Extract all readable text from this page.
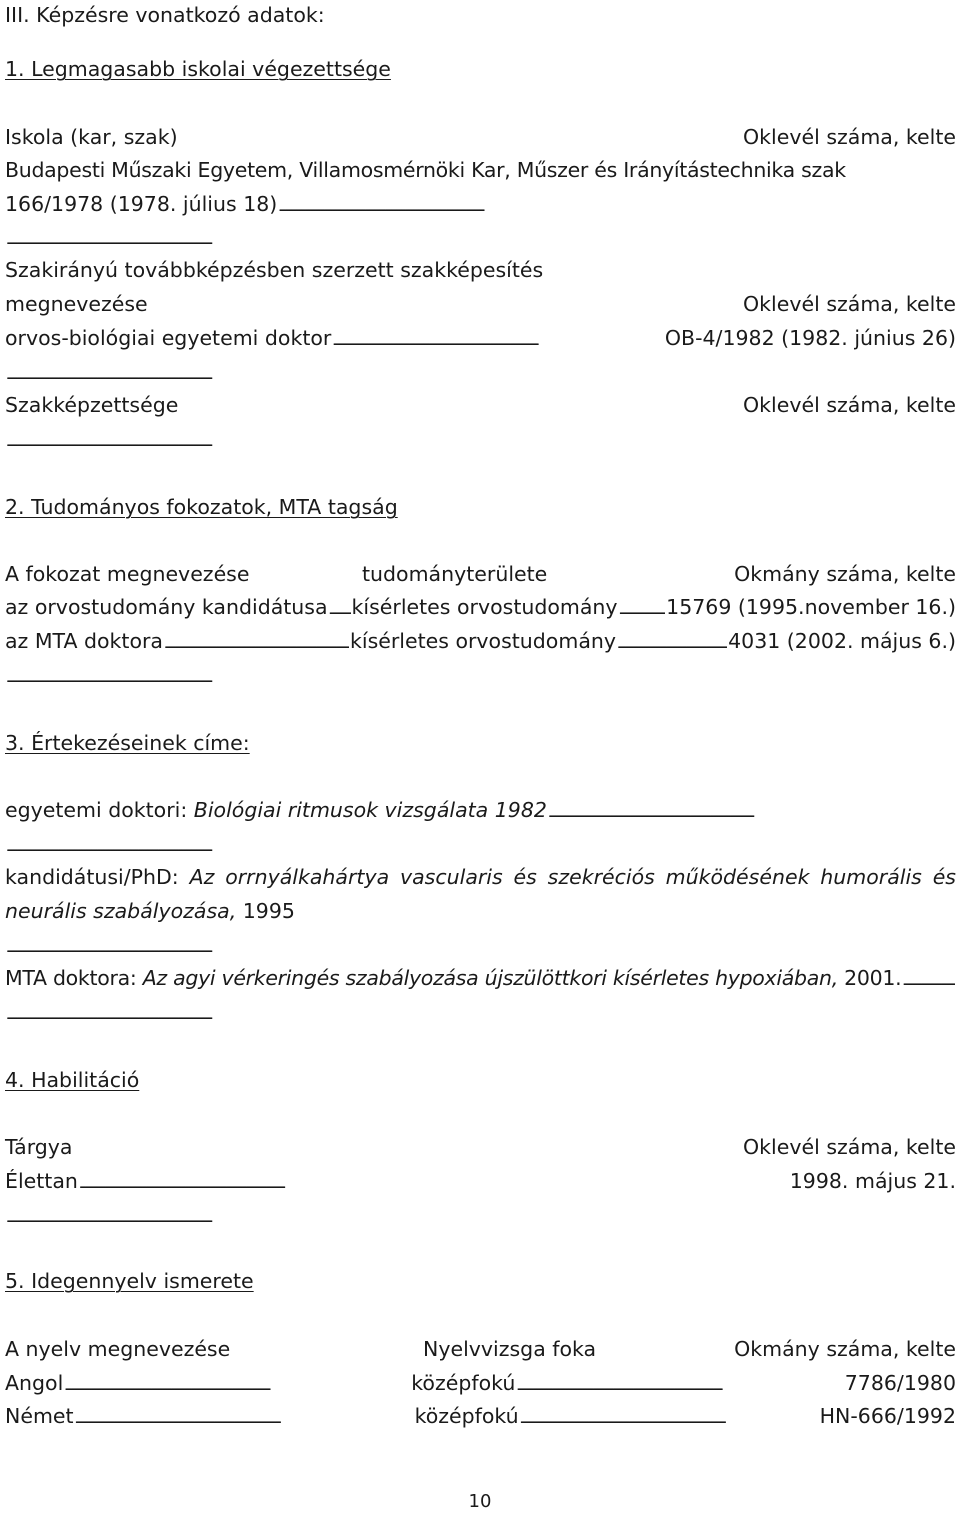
III. Képzésre vonatkozó adatok:
1. Legmagasabb iskolai végezettsége
Iskola (kar, szak)	Oklevél száma, kelte
Budapesti Műszaki Egyetem, Villamosmérnöki Kar, Műszer és Irányítástechnika szak
166/1978 (1978. július 18)
. . .
. . .
Szakirányú továbbképzésben szerzett szakképesítés
megnevezése	Oklevél száma, kelte
orvos-biológiai egyetemi doktor . . .	OB-4/1982 (1982. június 26)
. . .
Szakképzettsége	Oklevél száma, kelte
. . .
2. Tudományos fokozatok, MTA tagság
A fokozat megnevezése	tudományterülete	Okmány száma, kelte
az orvostudomány kandidátusa . . . kísérletes orvostudomány . . . 15769 (1995.november 16.)
az MTA doktora . . .	kísérletes orvostudomány . . .	4031 (2002. május 6.)
. . .
3. Értekezéseinek címe:
egyetemi doktori:
Biológiai ritmusok vizsgálata 1982
. . .
. . .
kandidátusi/PhD: Az orrnyálkahártya vascularis és szekréciós működésének humorális és
neurális szabályozása,
1995
. . .
MTA doktora:
Az agyi vérkeringés szabályozása újszülöttkori kísérletes hypoxiában,
2001.
. . .
. . .
4. Habilitáció
Tárgya	Oklevél száma, kelte
Élettan . . .	1998. május 21.
. . .
5. Idegennyelv ismerete
A nyelv megnevezése	Nyelvvizsga foka	Okmány száma, kelte
Angol . . .	középfokú . . .	7786/1980
Német . . .	középfokú . . .	HN-666/1992
10
